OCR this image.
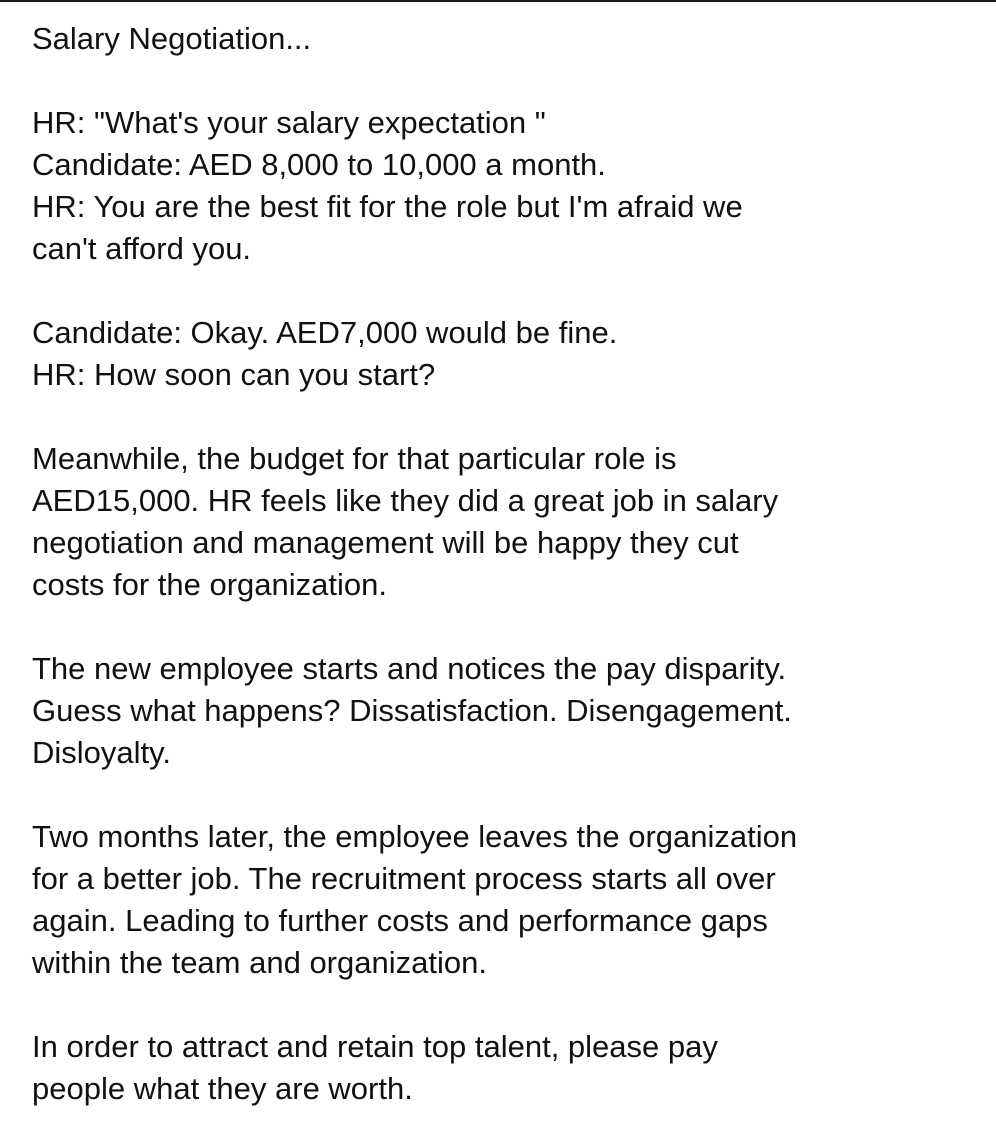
Salary Negotiation...
HR: "What's your salary expectation "
Candidate: AED 8,000 to 10,000 a month.
HR: You are the best fit for the role but I'm afraid we
can't afford you.
Candidate: Okay. AED7,000 would be fine.
HR: How soon can you start?
Meanwhile, the budget for that particular role is
AED15,000. HR feels like they did a great job in salary
negotiation and management will be happy they cut
costs for the organization.
The new employee starts and notices the pay disparity.
Guess what happens? Dissatisfaction. Disengagement.
Disloyalty.
Two months later, the employee leaves the organization
for a better job. The recruitment process starts all over
again. Leading to further costs and performance gaps
within the team and organization.
In order to attract and retain top talent, please pay
people what they are worth.
